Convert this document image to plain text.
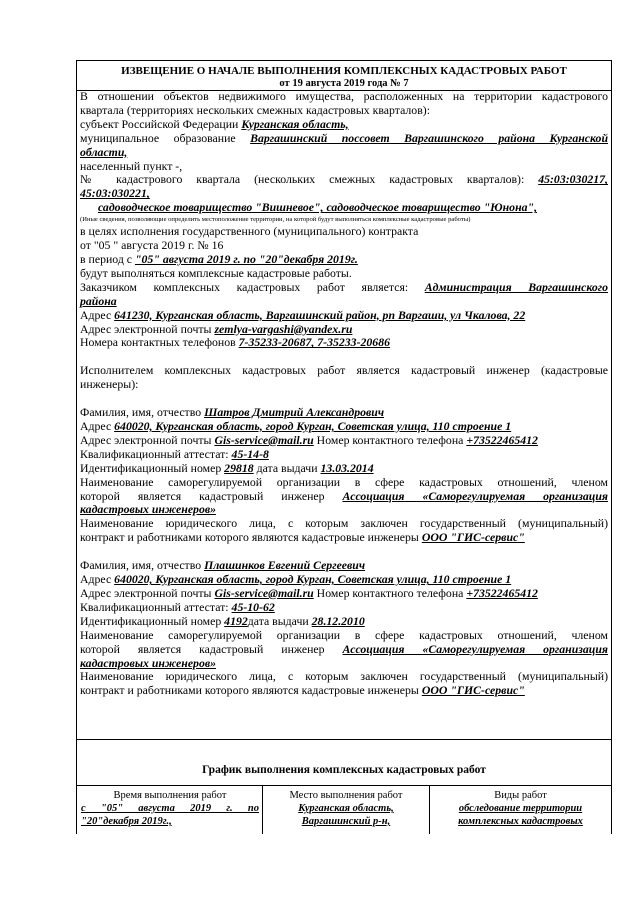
ИЗВЕЩЕНИЕ О НАЧАЛЕ ВЫПОЛНЕНИЯ КОМПЛЕКСНЫХ КАДАСТРОВЫХ РАБОТ
от 19 августа 2019 года № 7

В отношении объектов недвижимого имущества, расположенных на территории кадастрового

квартала (территориях нескольких смежных кадастровых кварталов):

субъект Российской Федерации Курганская область,

муниципальное образование Варгашинский поссовет Варгашинского района Курганской

области,

населенный пункт -,

№ кадастрового квартала (нескольких смежных кадастровых кварталов): 45:03:030217,

45:03:030221,

садоводческое товарищество "Вишневое", садоводческое товарищество "Юнона",

(Иные сведения, позволяющие определить местоположение территории, на которой будут выполняться комплексные кадастровые работы)

в целях исполнения государственного (муниципального) контракта

от "05 " августа 2019 г. № 16

в период с "05" августа 2019 г. по "20"декабря 2019г.

будут выполняться комплексные кадастровые работы.

Заказчиком комплексных кадастровых работ является: Администрация Варгашинского

района

Адрес 641230, Курганская область, Варгашинский район, рп Варгаши, ул Чкалова, 22

Адрес электронной почты zemlya-vargashi@yandex.ru

Номера контактных телефонов 7-35233-20687, 7-35233-20686

Исполнителем комплексных кадастровых работ является кадастровый инженер (кадастровые

инженеры):

Фамилия, имя, отчество Шатров Дмитрий Александрович

Адрес 640020, Курганская область, город Курган, Советская улица, 110 строение 1

Адрес электронной почты Gis-service@mail.ru Номер контактного телефона +73522465412

Квалификационный аттестат: 45-14-8

Идентификационный номер 29818 дата выдачи 13.03.2014

Наименование саморегулируемой организации в сфере кадастровых отношений, членом

которой является кадастровый инженер Ассоциация «Саморегулируемая организация

кадастровых инженеров»

Наименование юридического лица, с которым заключен государственный (муниципальный)

контракт и работниками которого являются кадастровые инженеры ООО "ГИС-сервис"

Фамилия, имя, отчество Плашинков Евгений Сергеевич

Адрес 640020, Курганская область, город Курган, Советская улица, 110 строение 1

Адрес электронной почты Gis-service@mail.ru Номер контактного телефона +73522465412

Квалификационный аттестат: 45-10-62

Идентификационный номер 4192дата выдачи 28.12.2010

Наименование саморегулируемой организации в сфере кадастровых отношений, членом

которой является кадастровый инженер Ассоциация «Саморегулируемая организация

кадастровых инженеров»

Наименование юридического лица, с которым заключен государственный (муниципальный)

контракт и работниками которого являются кадастровые инженеры ООО "ГИС-сервис"

График выполнения комплексных кадастровых работ
Время выполнения работ
с "05" августа 2019 г. по
"20"декабря 2019г.,
Место выполнения работ
Курганская область,
Варгашинский р-н,
Виды работ
обследование территории
комплексных кадастровых
